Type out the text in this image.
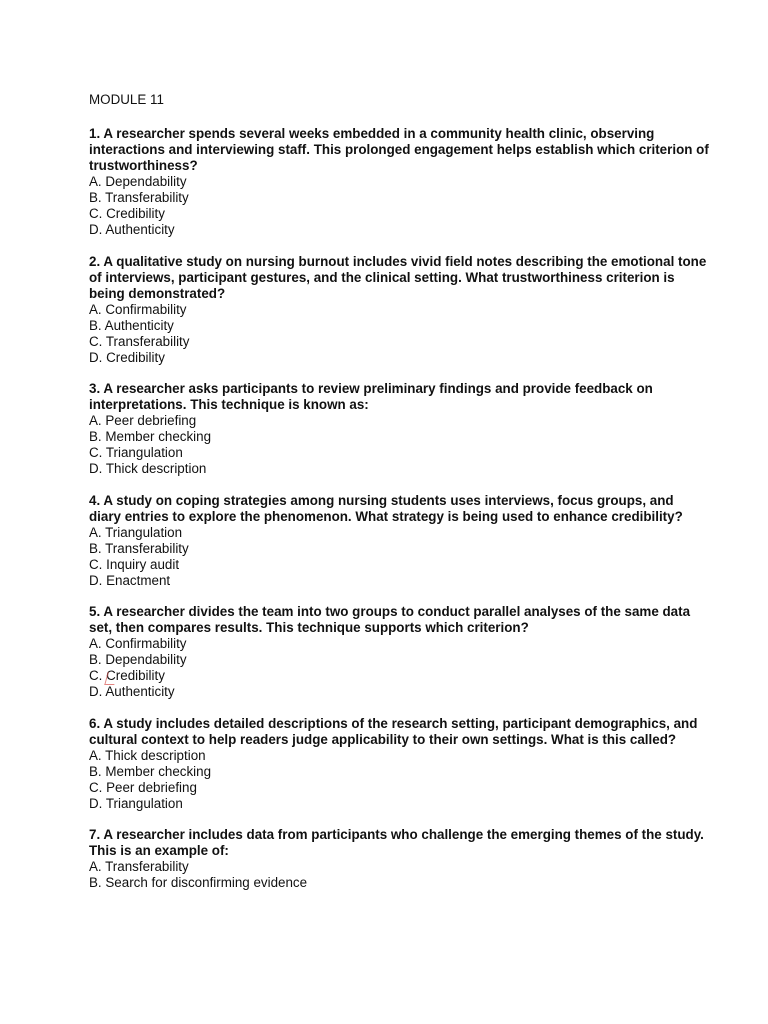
MODULE 11

1. A researcher spends several weeks embedded in a community health clinic, observing interactions and interviewing staff. This prolonged engagement helps establish which criterion of trustworthiness?

A. Dependability
B. Transferability
C. Credibility
D. Authenticity

2. A qualitative study on nursing burnout includes vivid field notes describing the emotional tone of interviews, participant gestures, and the clinical setting. What trustworthiness criterion is being demonstrated?

A. Confirmability
B. Authenticity
C. Transferability
D. Credibility

3. A researcher asks participants to review preliminary findings and provide feedback on interpretations. This technique is known as:

A. Peer debriefing
B. Member checking
C. Triangulation
D. Thick description

4. A study on coping strategies among nursing students uses interviews, focus groups, and diary entries to explore the phenomenon. What strategy is being used to enhance credibility?

A. Triangulation
B. Transferability
C. Inquiry audit
D. Enactment

5. A researcher divides the team into two groups to conduct parallel analyses of the same data set, then compares results. This technique supports which criterion?

A. Confirmability
B. Dependability
C. Credibility
D. Authenticity

6. A study includes detailed descriptions of the research setting, participant demographics, and cultural context to help readers judge applicability to their own settings. What is this called?

A. Thick description
B. Member checking
C. Peer debriefing
D. Triangulation

7. A researcher includes data from participants who challenge the emerging themes of the study. This is an example of:

A. Transferability
B. Search for disconfirming evidence
